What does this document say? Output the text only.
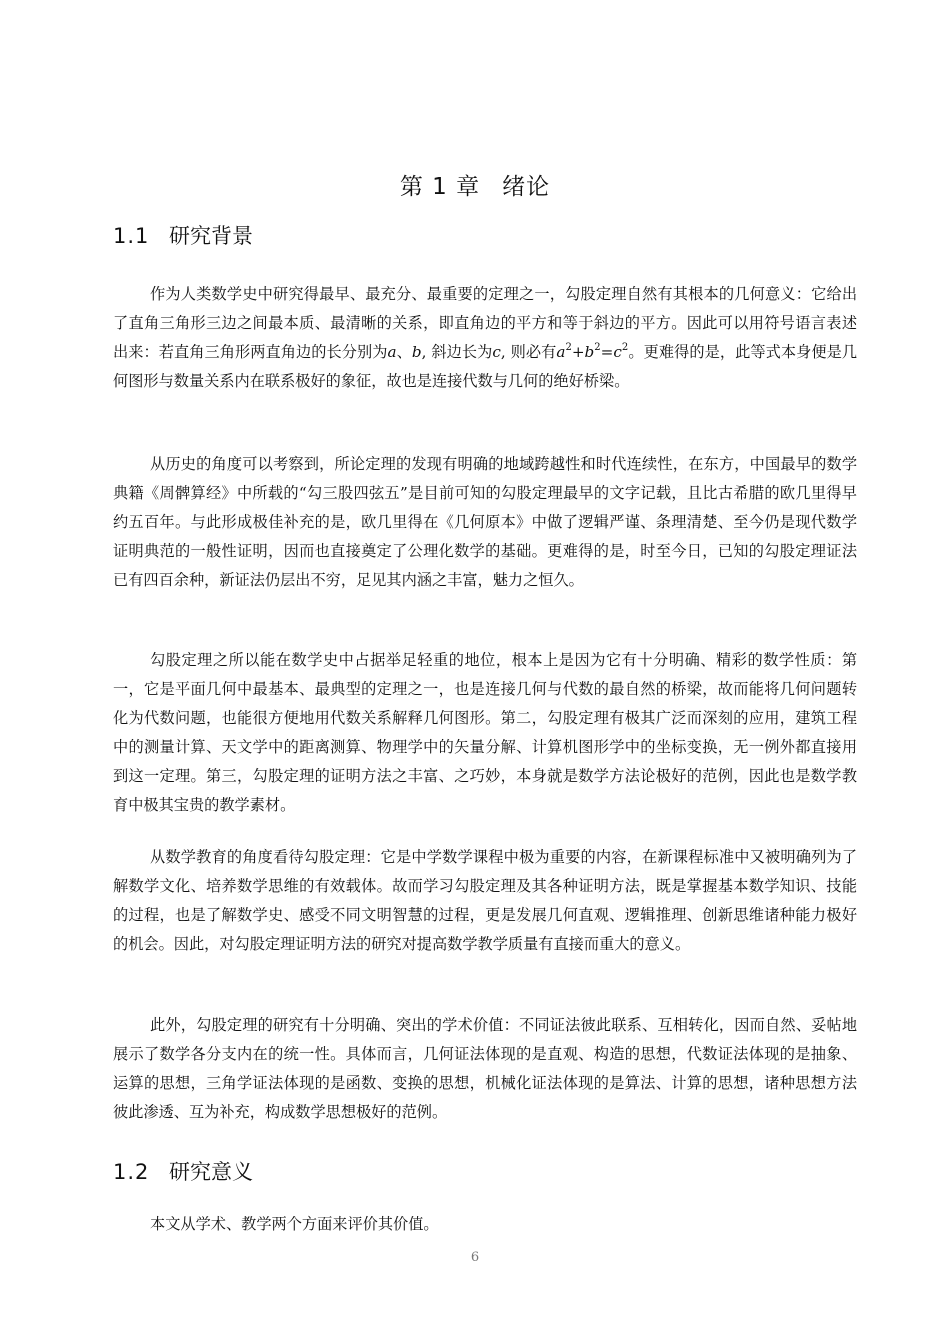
第 1 章 绪论
1.1 研究背景

作为人类数学史中研究得最早、最充分、最重要的定理之一，勾股定理自然有其根本的几何意义：它给出了直角三角形三边之间最本质、最清晰的关系，即直角边的平方和等于斜边的平方。因此可以用符号语言表述出来：若直角三角形两直角边的长分别为a、b, 斜边长为c, 则必有$a^2+b^2=c^2$。更难得的是，此等式本身便是几何图形与数量关系内在联系极好的象征，故也是连接代数与几何的绝好桥梁。

从历史的角度可以考察到，所论定理的发现有明确的地域跨越性和时代连续性，在东方，中国最早的数学典籍《周髀算经》中所载的“勾三股四弦五”是目前可知的勾股定理最早的文字记载，且比古希腊的欧几里得早约五百年。与此形成极佳补充的是，欧几里得在《几何原本》中做了逻辑严谨、条理清楚、至今仍是现代数学证明典范的一般性证明，因而也直接奠定了公理化数学的基础。更难得的是，时至今日，已知的勾股定理证法已有四百余种，新证法仍层出不穷，足见其内涵之丰富，魅力之恒久。

勾股定理之所以能在数学史中占据举足轻重的地位，根本上是因为它有十分明确、精彩的数学性质：第一，它是平面几何中最基本、最典型的定理之一，也是连接几何与代数的最自然的桥梁，故而能将几何问题转化为代数问题，也能很方便地用代数关系解释几何图形。第二，勾股定理有极其广泛而深刻的应用，建筑工程中的测量计算、天文学中的距离测算、物理学中的矢量分解、计算机图形学中的坐标变换，无一例外都直接用到这一定理。第三，勾股定理的证明方法之丰富、之巧妙，本身就是数学方法论极好的范例，因此也是数学教育中极其宝贵的教学素材。

从数学教育的角度看待勾股定理：它是中学数学课程中极为重要的内容，在新课程标准中又被明确列为了解数学文化、培养数学思维的有效载体。故而学习勾股定理及其各种证明方法，既是掌握基本数学知识、技能的过程，也是了解数学史、感受不同文明智慧的过程，更是发展几何直观、逻辑推理、创新思维诸种能力极好的机会。因此，对勾股定理证明方法的研究对提高数学教学质量有直接而重大的意义。

此外，勾股定理的研究有十分明确、突出的学术价值：不同证法彼此联系、互相转化，因而自然、妥帖地展示了数学各分支内在的统一性。具体而言，几何证法体现的是直观、构造的思想，代数证法体现的是抽象、运算的思想，三角学证法体现的是函数、变换的思想，机械化证法体现的是算法、计算的思想，诸种思想方法彼此渗透、互为补充，构成数学思想极好的范例。

1.2 研究意义

本文从学术、教学两个方面来评价其价值。

6
